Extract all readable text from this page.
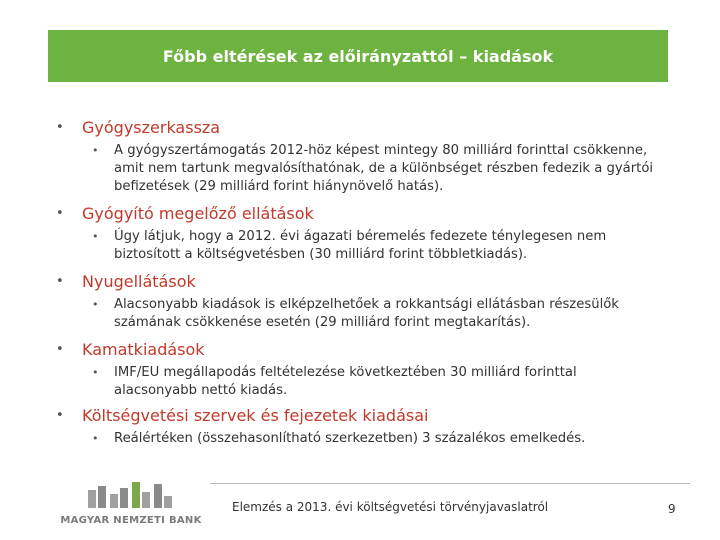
Főbb eltérések az előirányzattól – kiadások
• Gyógyszerkassza
• A gyógyszertámogatás 2012-höz képest mintegy 80 milliárd forinttal csökkenne, amit nem tartunk megvalósíthatónak, de a különbséget részben fedezik a gyártói befizetések (29 milliárd forint hiánynövelő hatás).
• Gyógyító megelőző ellátások
• Úgy látjuk, hogy a 2012. évi ágazati béremelés fedezete ténylegesen nem biztosított a költségvetésben (30 milliárd forint többletkiadás).
• Nyugellátások
• Alacsonyabb kiadások is elképzelhetőek a rokkantsági ellátásban részesülők számának csökkenése esetén (29 milliárd forint megtakarítás).
• Kamatkiadások
• IMF/EU megállapodás feltételezése következtében 30 milliárd forinttal alacsonyabb nettó kiadás.
• Költségvetési szervek és fejezetek kiadásai
• Reálértéken (összehasonlítható szerkezetben) 3 százalékos emelkedés.
MAGYAR NEMZETI BANK
Elemzés a 2013. évi költségvetési törvényjavaslatról	9
